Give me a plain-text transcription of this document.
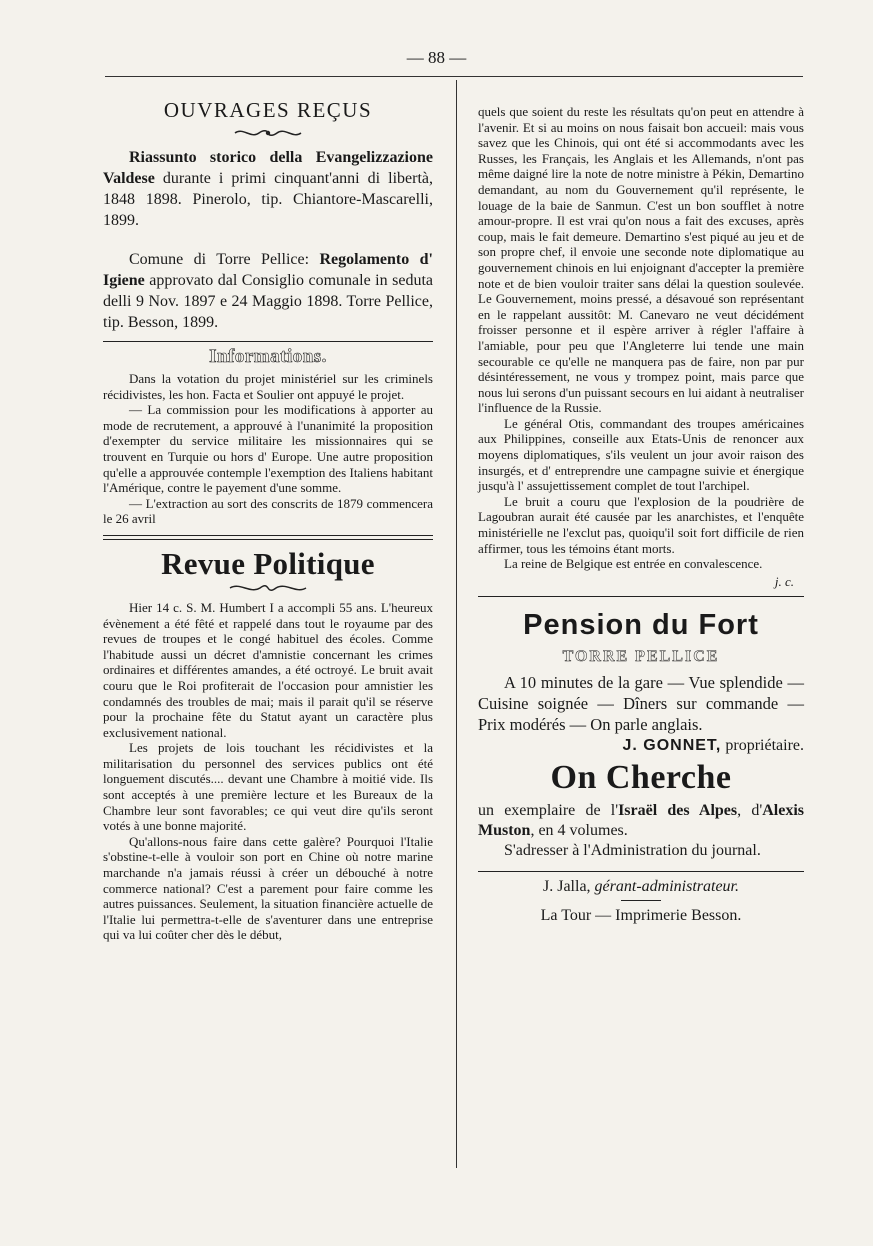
— 88 —
OUVRAGES REÇUS

Riassunto storico della Evangelizzazione Valdese durante i primi cinquant'anni di libertà, 1848 1898. Pinerolo, tip. Chiantore-Mascarelli, 1899.

Comune di Torre Pellice: Regolamento d' Igiene approvato dal Consiglio comunale in seduta delli 9 Nov. 1897 e 24 Maggio 1898. Torre Pellice, tip. Besson, 1899.

Informations.

Dans la votation du projet ministériel sur les criminels récidivistes, les hon. Facta et Soulier ont appuyé le projet.

— La commission pour les modifications à apporter au mode de recrutement, a approuvé à l'unanimité la proposition d'exempter du service militaire les missionnaires qui se trouvent en Turquie ou hors d' Europe. Une autre proposition qu'elle a approuvée contemple l'exemption des Italiens habitant l'Amérique, contre le payement d'une somme.

— L'extraction au sort des conscrits de 1879 commencera le 26 avril

Revue Politique

Hier 14 c. S. M. Humbert I a accompli 55 ans. L'heureux évènement a été fêté et rappelé dans tout le royaume par des revues de troupes et le congé habituel des écoles. Comme l'habitude aussi un décret d'amnistie concernant les crimes ordinaires et différentes amandes, a été octroyé. Le bruit avait couru que le Roi profiterait de l'occasion pour amnistier les condamnés des troubles de mai; mais il parait qu'il se réserve pour la prochaine fête du Statut ayant un caractère plus exclusivement national.

Les projets de lois touchant les récidivistes et la militarisation du personnel des services publics ont été longuement discutés.... devant une Chambre à moitié vide. Ils sont acceptés à une première lecture et les Bureaux de la Chambre leur sont favorables; ce qui veut dire qu'ils seront votés à une bonne majorité.

Qu'allons-nous faire dans cette galère? Pourquoi l'Italie s'obstine-t-elle à vouloir son port en Chine où notre marine marchande n'a jamais réussi à créer un débouché à notre commerce national? C'est a parement pour faire comme les autres puissances. Seulement, la situation financière actuelle de l'Italie lui permettra-t-elle de s'aventurer dans une entreprise qui va lui coûter cher dès le début,

quels que soient du reste les résultats qu'on peut en attendre à l'avenir. Et si au moins on nous faisait bon accueil: mais vous savez que les Chinois, qui ont été si accommodants avec les Russes, les Français, les Anglais et les Allemands, n'ont pas même daigné lire la note de notre ministre à Pékin, Demartino demandant, au nom du Gouvernement qu'il représente, le louage de la baie de Sanmun. C'est un bon soufflet à notre amour-propre. Il est vrai qu'on nous a fait des excuses, après coup, mais le fait demeure. Demartino s'est piqué au jeu et de son propre chef, il envoie une seconde note diplomatique au gouvernement chinois en lui enjoignant d'accepter la première note et de bien vouloir traiter sans délai la question soulevée. Le Gouvernement, moins pressé, a désavoué son représentant en le rappelant aussitôt: M. Canevaro ne veut décidément froisser personne et il espère arriver à régler l'affaire à l'amiable, pour peu que l'Angleterre lui tende une main secourable ce qu'elle ne manquera pas de faire, non par pur désintéressement, ne vous y trompez point, mais parce que nous lui serons d'un puissant secours en lui aidant à neutraliser l'influence de la Russie.

Le général Otis, commandant des troupes américaines aux Philippines, conseille aux Etats-Unis de renoncer aux moyens diplomatiques, s'ils veulent un jour avoir raison des insurgés, et d' entreprendre une campagne suivie et énergique jusqu'à l' assujettissement complet de tout l'archipel.

Le bruit a couru que l'explosion de la poudrière de Lagoubran aurait été causée par les anarchistes, et l'enquête ministérielle ne l'exclut pas, quoiqu'il soit fort difficile de rien affirmer, tous les témoins étant morts.

La reine de Belgique est entrée en convalescence.

j. c.
Pension du Fort
TORRE PELLICE

A 10 minutes de la gare — Vue splendide — Cuisine soignée — Dîners sur commande — Prix modérés — On parle anglais.

J. GONNET, propriétaire.
On Cherche

un exemplaire de l'Israël des Alpes, d'Alexis Muston, en 4 volumes.

S'adresser à l'Administration du journal.

J. Jalla, gérant-administrateur.
La Tour — Imprimerie Besson.
